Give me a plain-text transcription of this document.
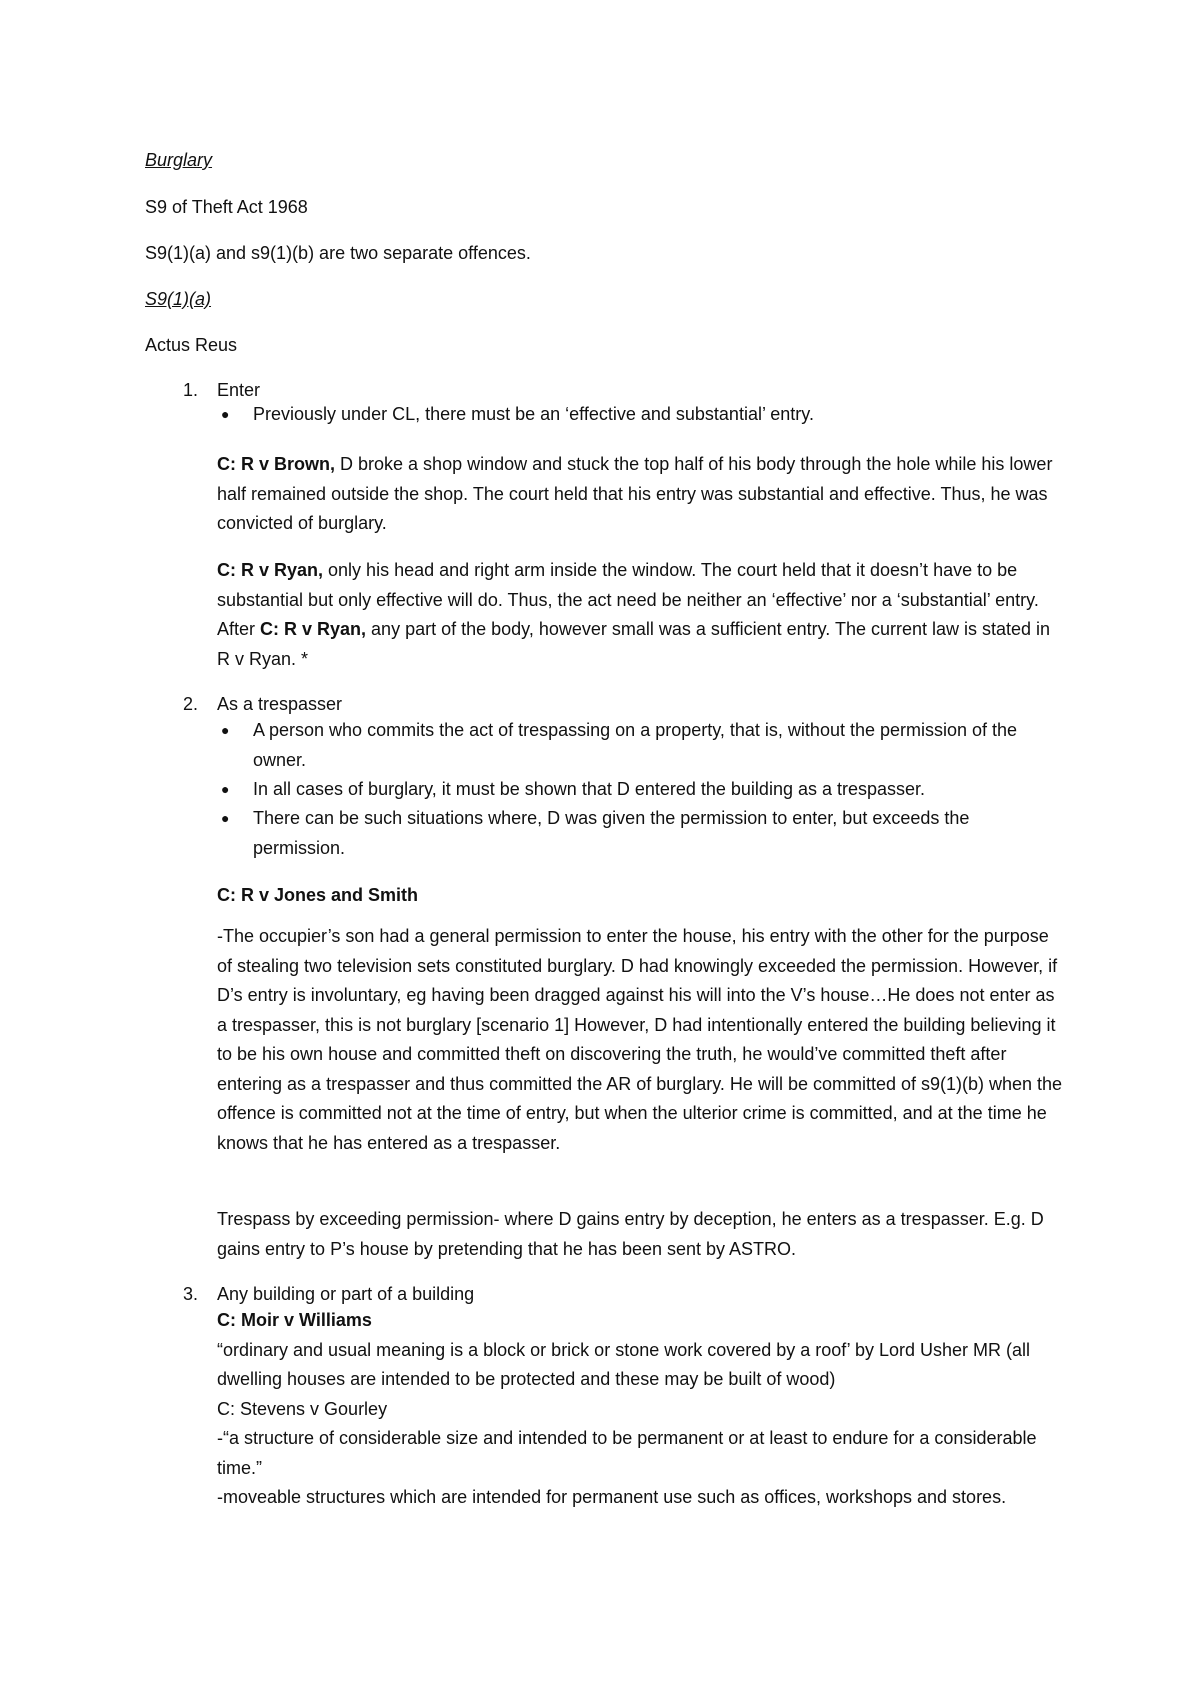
Burglary
S9 of Theft Act 1968
S9(1)(a) and s9(1)(b) are two separate offences.
S9(1)(a)
Actus Reus
1. Enter
● Previously under CL, there must be an ‘effective and substantial’ entry.
C: R v Brown, D broke a shop window and stuck the top half of his body through the hole while his lower half remained outside the shop. The court held that his entry was substantial and effective. Thus, he was convicted of burglary.
C: R v Ryan, only his head and right arm inside the window. The court held that it doesn’t have to be substantial but only effective will do. Thus, the act need be neither an ‘effective’ nor a ‘substantial’ entry. After C: R v Ryan, any part of the body, however small was a sufficient entry. The current law is stated in R v Ryan. *
2. As a trespasser
● A person who commits the act of trespassing on a property, that is, without the permission of the owner.
● In all cases of burglary, it must be shown that D entered the building as a trespasser.
● There can be such situations where, D was given the permission to enter, but exceeds the permission.
C: R v Jones and Smith
-The occupier’s son had a general permission to enter the house, his entry with the other for the purpose of stealing two television sets constituted burglary. D had knowingly exceeded the permission. However, if D’s entry is involuntary, eg having been dragged against his will into the V’s house…He does not enter as a trespasser, this is not burglary [scenario 1] However, D had intentionally entered the building believing it to be his own house and committed theft on discovering the truth, he would’ve committed theft after entering as a trespasser and thus committed the AR of burglary. He will be committed of s9(1)(b) when the offence is committed not at the time of entry, but when the ulterior crime is committed, and at the time he knows that he has entered as a trespasser.
Trespass by exceeding permission- where D gains entry by deception, he enters as a trespasser. E.g. D gains entry to P’s house by pretending that he has been sent by ASTRO.
3. Any building or part of a building
C: Moir v Williams
“ordinary and usual meaning is a block or brick or stone work covered by a roof’ by Lord Usher MR (all dwelling houses are intended to be protected and these may be built of wood)
C: Stevens v Gourley
-“a structure of considerable size and intended to be permanent or at least to endure for a considerable time.”
-moveable structures which are intended for permanent use such as offices, workshops and stores.
